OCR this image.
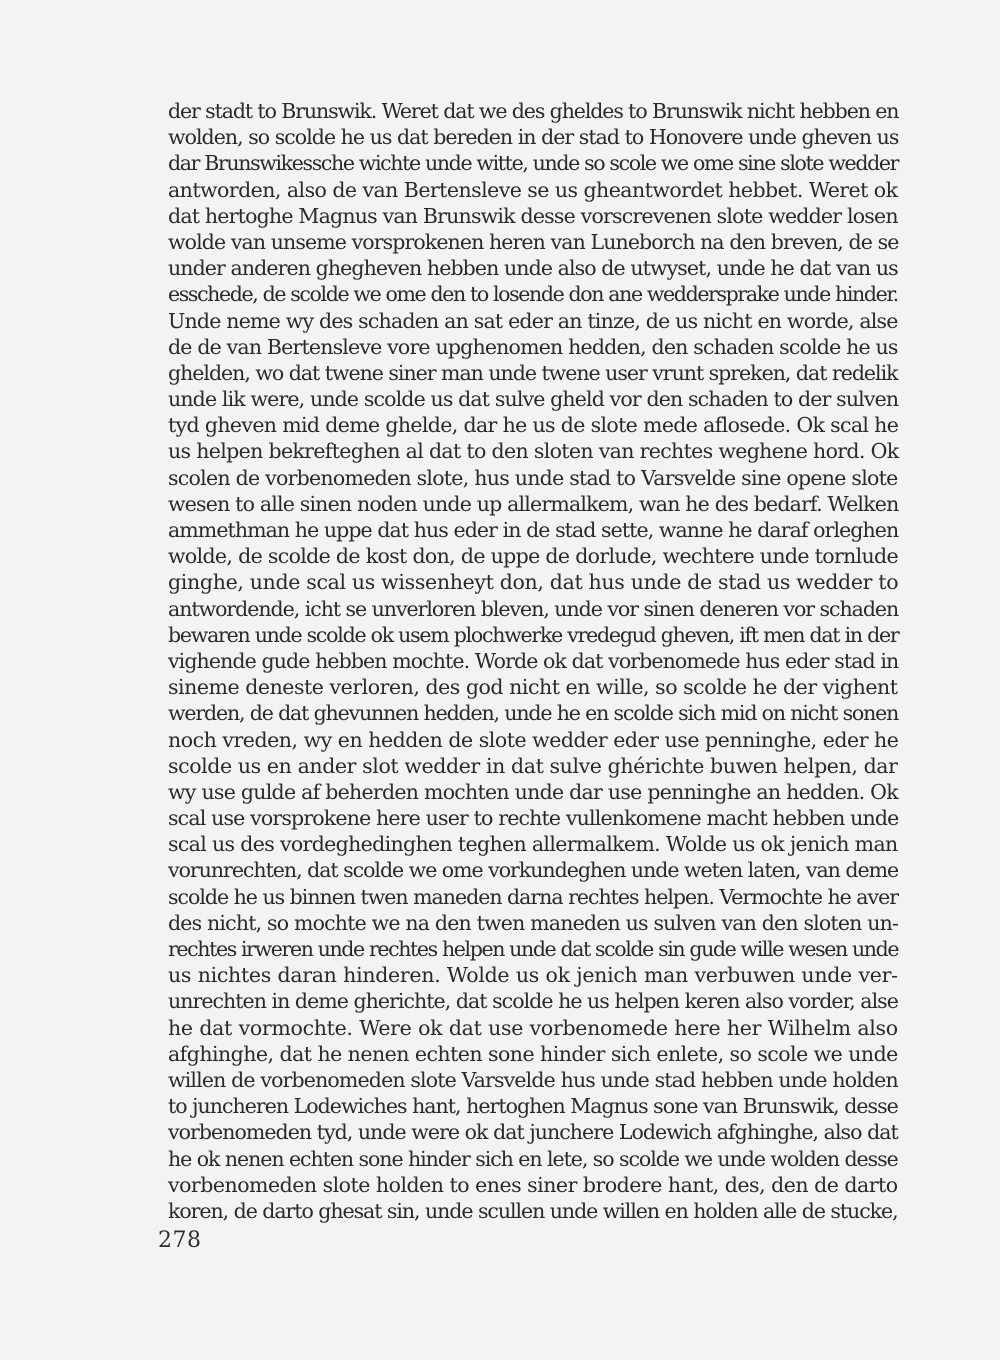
der stadt to Brunswik. Weret dat we des gheldes to Brunswik nicht hebben en
wolden, so scolde he us dat bereden in der stad to Honovere unde gheven us
dar Brunswikessche wichte unde witte, unde so scole we ome sine slote wedder
antworden, also de van Bertensleve se us gheantwordet hebbet. Weret ok
dat hertoghe Magnus van Brunswik desse vorscrevenen slote wedder losen
wolde van unseme vorsprokenen heren van Luneborch na den breven, de se
under anderen ghegheven hebben unde also de utwyset, unde he dat van us
esschede, de scolde we ome den to losende don ane weddersprake unde hinder.
Unde neme wy des schaden an sat eder an tinze, de us nicht en worde, alse
de de van Bertensleve vore upghenomen hedden, den schaden scolde he us
ghelden, wo dat twene siner man unde twene user vrunt spreken, dat redelik
unde lik were, unde scolde us dat sulve gheld vor den schaden to der sulven
tyd gheven mid deme ghelde, dar he us de slote mede aflosede. Ok scal he
us helpen bekrefteghen al dat to den sloten van rechtes weghene hord. Ok
scolen de vorbenomeden slote, hus unde stad to Varsvelde sine opene slote
wesen to alle sinen noden unde up allermalkem, wan he des bedarf. Welken
ammethman he uppe dat hus eder in de stad sette, wanne he daraf orleghen
wolde, de scolde de kost don, de uppe de dorlude, wechtere unde tornlude
ginghe, unde scal us wissenheyt don, dat hus unde de stad us wedder to
antwordende, icht se unverloren bleven, unde vor sinen deneren vor schaden
bewaren unde scolde ok usem plochwerke vredegud gheven, ift men dat in der
vighende gude hebben mochte. Worde ok dat vorbenomede hus eder stad in
sineme deneste verloren, des god nicht en wille, so scolde he der vighent
werden, de dat ghevunnen hedden, unde he en scolde sich mid on nicht sonen
noch vreden, wy en hedden de slote wedder eder use penninghe, eder he
scolde us en ander slot wedder in dat sulve ghérichte buwen helpen, dar
wy use gulde af beherden mochten unde dar use penninghe an hedden. Ok
scal use vorsprokene here user to rechte vullenkomene macht hebben unde
scal us des vordeghedinghen teghen allermalkem. Wolde us ok jenich man
vorunrechten, dat scolde we ome vorkundeghen unde weten laten, van deme
scolde he us binnen twen maneden darna rechtes helpen. Vermochte he aver
des nicht, so mochte we na den twen maneden us sulven van den sloten un-
rechtes irweren unde rechtes helpen unde dat scolde sin gude wille wesen unde
us nichtes daran hinderen. Wolde us ok jenich man verbuwen unde ver-
unrechten in deme gherichte, dat scolde he us helpen keren also vorder, alse
he dat vormochte. Were ok dat use vorbenomede here her Wilhelm also
afghinghe, dat he nenen echten sone hinder sich enlete, so scole we unde
willen de vorbenomeden slote Varsvelde hus unde stad hebben unde holden
to juncheren Lodewiches hant, hertoghen Magnus sone van Brunswik, desse
vorbenomeden tyd, unde were ok dat junchere Lodewich afghinghe, also dat
he ok nenen echten sone hinder sich en lete, so scolde we unde wolden desse
vorbenomeden slote holden to enes siner brodere hant, des, den de darto
koren, de darto ghesat sin, unde scullen unde willen en holden alle de stucke,
278
